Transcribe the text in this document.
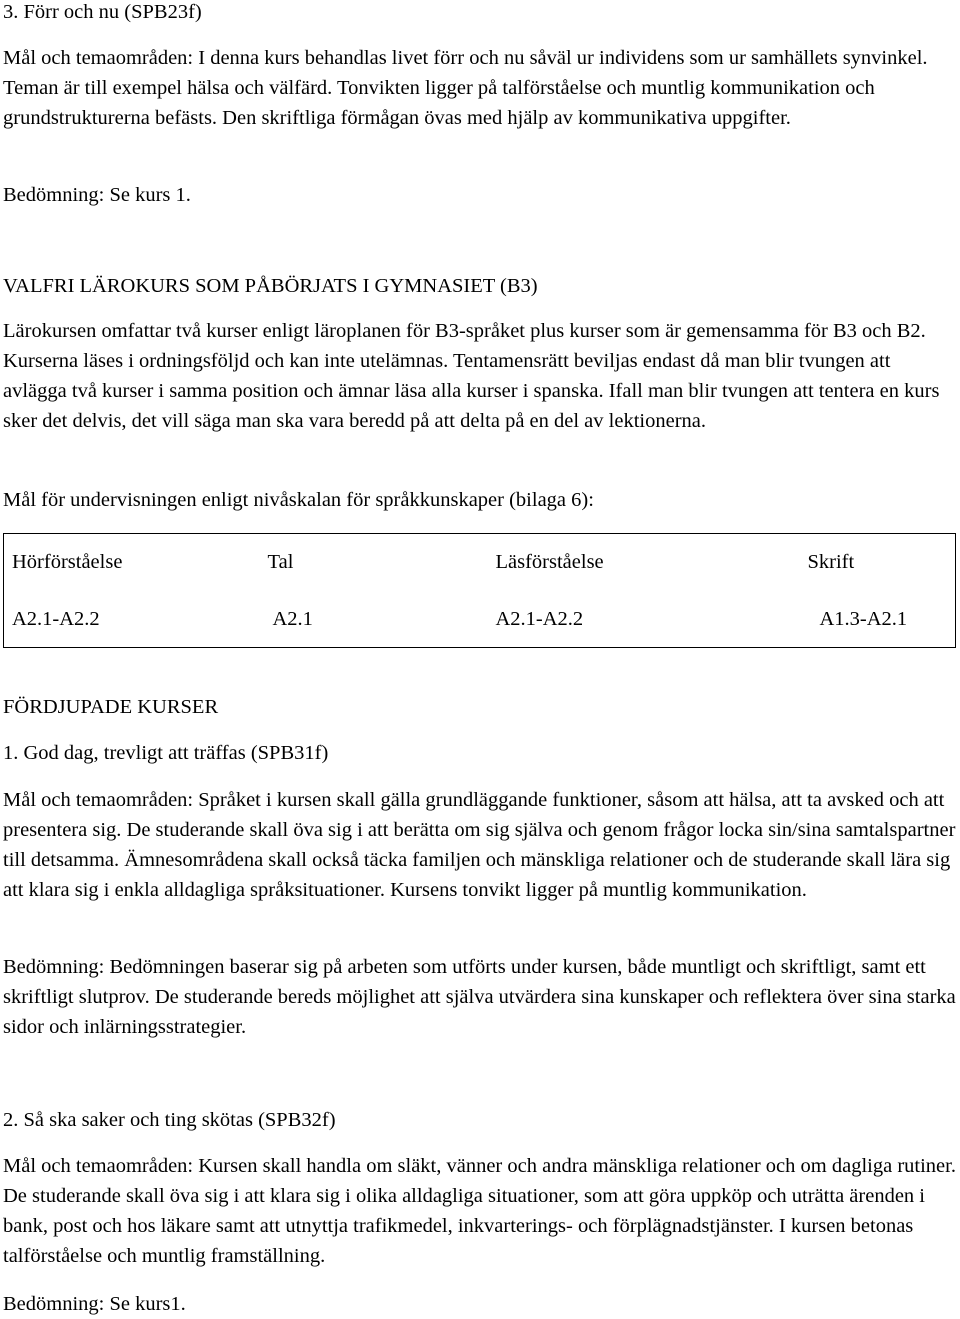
3. Förr och nu (SPB23f)

Mål och temaområden: I denna kurs behandlas livet förr och nu såväl ur individens som ur samhällets synvinkel. Teman är till exempel hälsa och välfärd. Tonvikten ligger på talförståelse och muntlig kommunikation och grundstrukturerna befästs. Den skriftliga förmågan övas med hjälp av kommunikativa uppgifter.

Bedömning: Se kurs 1.

VALFRI LÄROKURS SOM PÅBÖRJATS I GYMNASIET (B3)

Lärokursen omfattar två kurser enligt läroplanen för B3-språket plus kurser som är gemensamma för B3 och B2. Kurserna läses i ordningsföljd och kan inte utelämnas. Tentamensrätt beviljas endast då man blir tvungen att avlägga två kurser i samma position och ämnar läsa alla kurser i spanska. Ifall man blir tvungen att tentera en kurs sker det delvis, det vill säga man ska vara beredd på att delta på en del av lektionerna.

Mål för undervisningen enligt nivåskalan för språkkunskaper (bilaga 6):

Hörförståelse	Tal	Läsförståelse	Skrift
A2.1-A2.2	A2.1	A2.1-A2.2	A1.3-A2.1
FÖRDJUPADE KURSER
1. God dag, trevligt att träffas (SPB31f)

Mål och temaområden: Språket i kursen skall gälla grundläggande funktioner, såsom att hälsa, att ta avsked och att presentera sig. De studerande skall öva sig i att berätta om sig själva och genom frågor locka sin/sina samtalspartner till detsamma. Ämnesområdena skall också täcka familjen och mänskliga relationer och de studerande skall lära sig att klara sig i enkla alldagliga språksituationer. Kursens tonvikt ligger på muntlig kommunikation.

Bedömning: Bedömningen baserar sig på arbeten som utförts under kursen, både muntligt och skriftligt, samt ett skriftligt slutprov. De studerande bereds möjlighet att själva utvärdera sina kunskaper och reflektera över sina starka sidor och inlärningsstrategier.

2. Så ska saker och ting skötas (SPB32f)

Mål och temaområden: Kursen skall handla om släkt, vänner och andra mänskliga relationer och om dagliga rutiner. De studerande skall öva sig i att klara sig i olika alldagliga situationer, som att göra uppköp och uträtta ärenden i bank, post och hos läkare samt att utnyttja trafikmedel, inkvarterings- och förplägnadstjänster. I kursen betonas talförståelse och muntlig framställning.

Bedömning: Se kurs1.
